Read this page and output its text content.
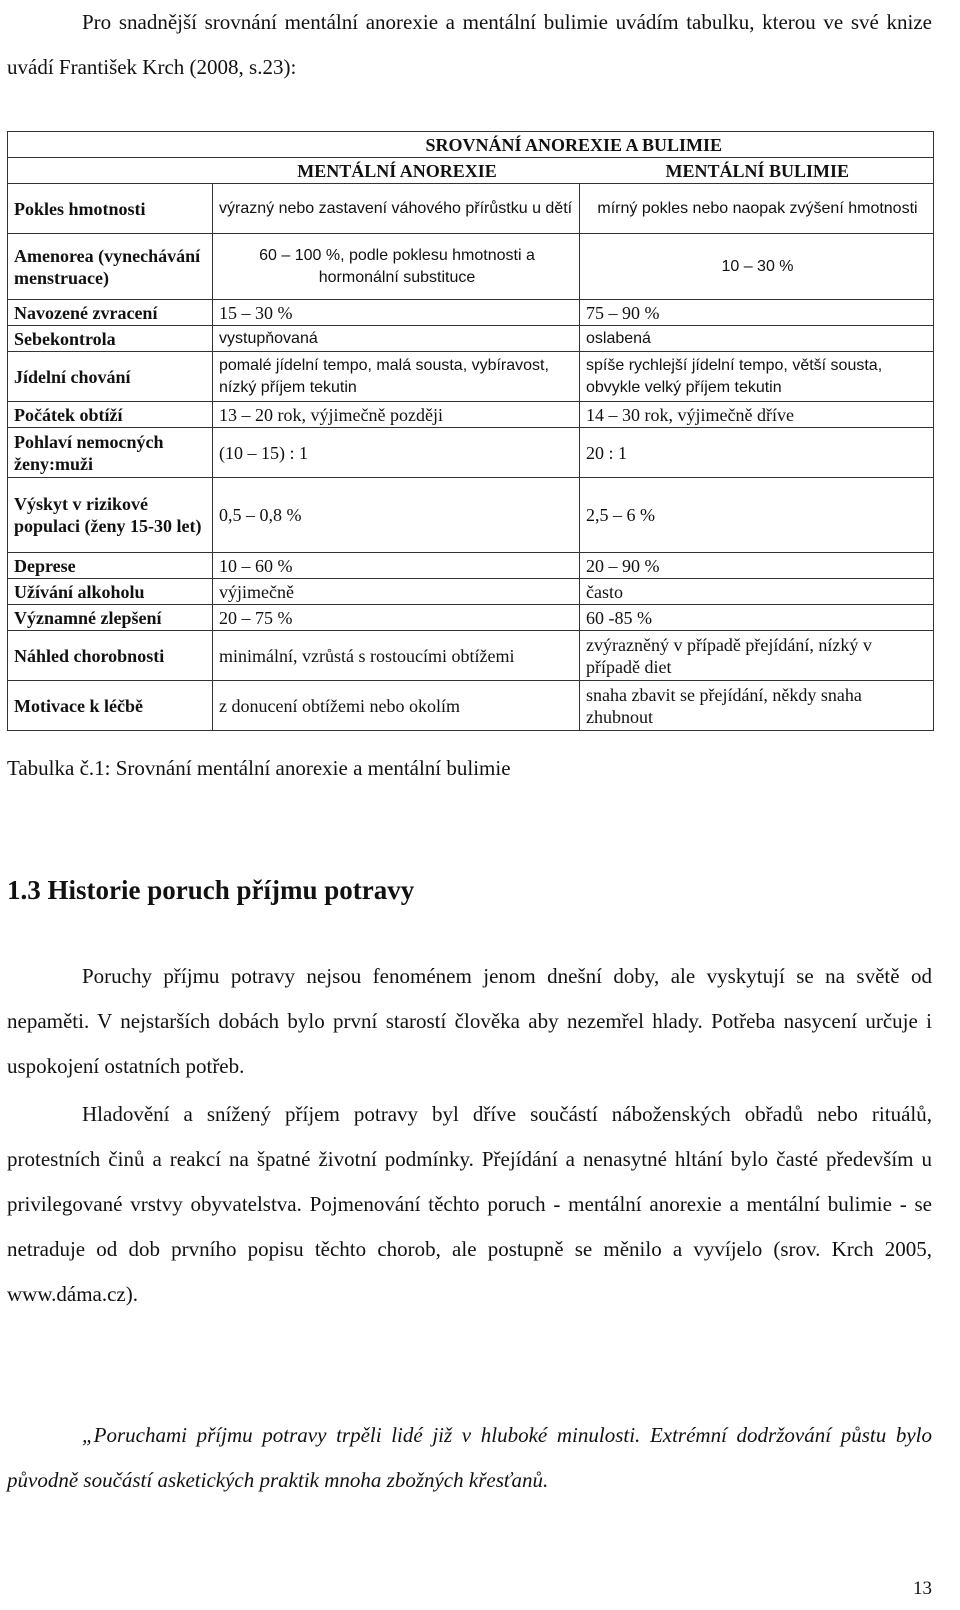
Pro snadnější srovnání mentální anorexie a mentální bulimie uvádím tabulku, kterou ve své knize uvádí František Krch (2008, s.23):

	SROVNÁNÍ ANOREXIE A BULIMIE	
	MENTÁLNÍ ANOREXIE	MENTÁLNÍ BULIMIE
Pokles hmotnosti	výrazný nebo zastavení váhového přírůstku u dětí	mírný pokles nebo naopak zvýšení hmotnosti
Amenorea (vynechávání menstruace)	60 – 100 %, podle poklesu hmotnosti a hormonální substituce	10 – 30 %
Navozené zvracení	15 – 30 %	75 – 90 %
Sebekontrola	vystupňovaná	oslabená
Jídelní chování	pomalé jídelní tempo, malá sousta, vybíravost, nízký příjem tekutin	spíše rychlejší jídelní tempo, větší sousta, obvykle velký příjem tekutin
Počátek obtíží	13 – 20 rok, výjimečně později	14 – 30 rok, výjimečně dříve
Pohlaví nemocných ženy:muži	(10 – 15) : 1	20 : 1
Výskyt v rizikové populaci (ženy 15-30 let)	0,5 – 0,8 %	2,5 – 6 %
Deprese	10 – 60 %	20 – 90 %
Užívání alkoholu	výjimečně	často
Významné zlepšení	20 – 75 %	60 -85 %
Náhled chorobnosti	minimální, vzrůstá s rostoucími obtížemi	zvýrazněný v případě přejídání, nízký v případě diet
Motivace k léčbě	z donucení obtížemi nebo okolím	snaha zbavit se přejídání, někdy snaha zhubnout

Tabulka č.1: Srovnání mentální anorexie a mentální bulimie

1.3 Historie poruch příjmu potravy

Poruchy příjmu potravy nejsou fenoménem jenom dnešní doby, ale vyskytují se na světě od nepaměti. V nejstarších dobách bylo první starostí člověka aby nezemřel hlady. Potřeba nasycení určuje i uspokojení ostatních potřeb.

Hladovění a snížený příjem potravy byl dříve součástí náboženských obřadů nebo rituálů, protestních činů a reakcí na špatné životní podmínky. Přejídání a nenasytné hltání bylo časté především u privilegované vrstvy obyvatelstva. Pojmenování těchto poruch - mentální anorexie a mentální bulimie - se netraduje od dob prvního popisu těchto chorob, ale postupně se měnilo a vyvíjelo (srov. Krch 2005, www.dáma.cz).

„Poruchami příjmu potravy trpěli lidé již v hluboké minulosti. Extrémní dodržování půstu bylo původně součástí asketických praktik mnoha zbožných křesťanů.

13
